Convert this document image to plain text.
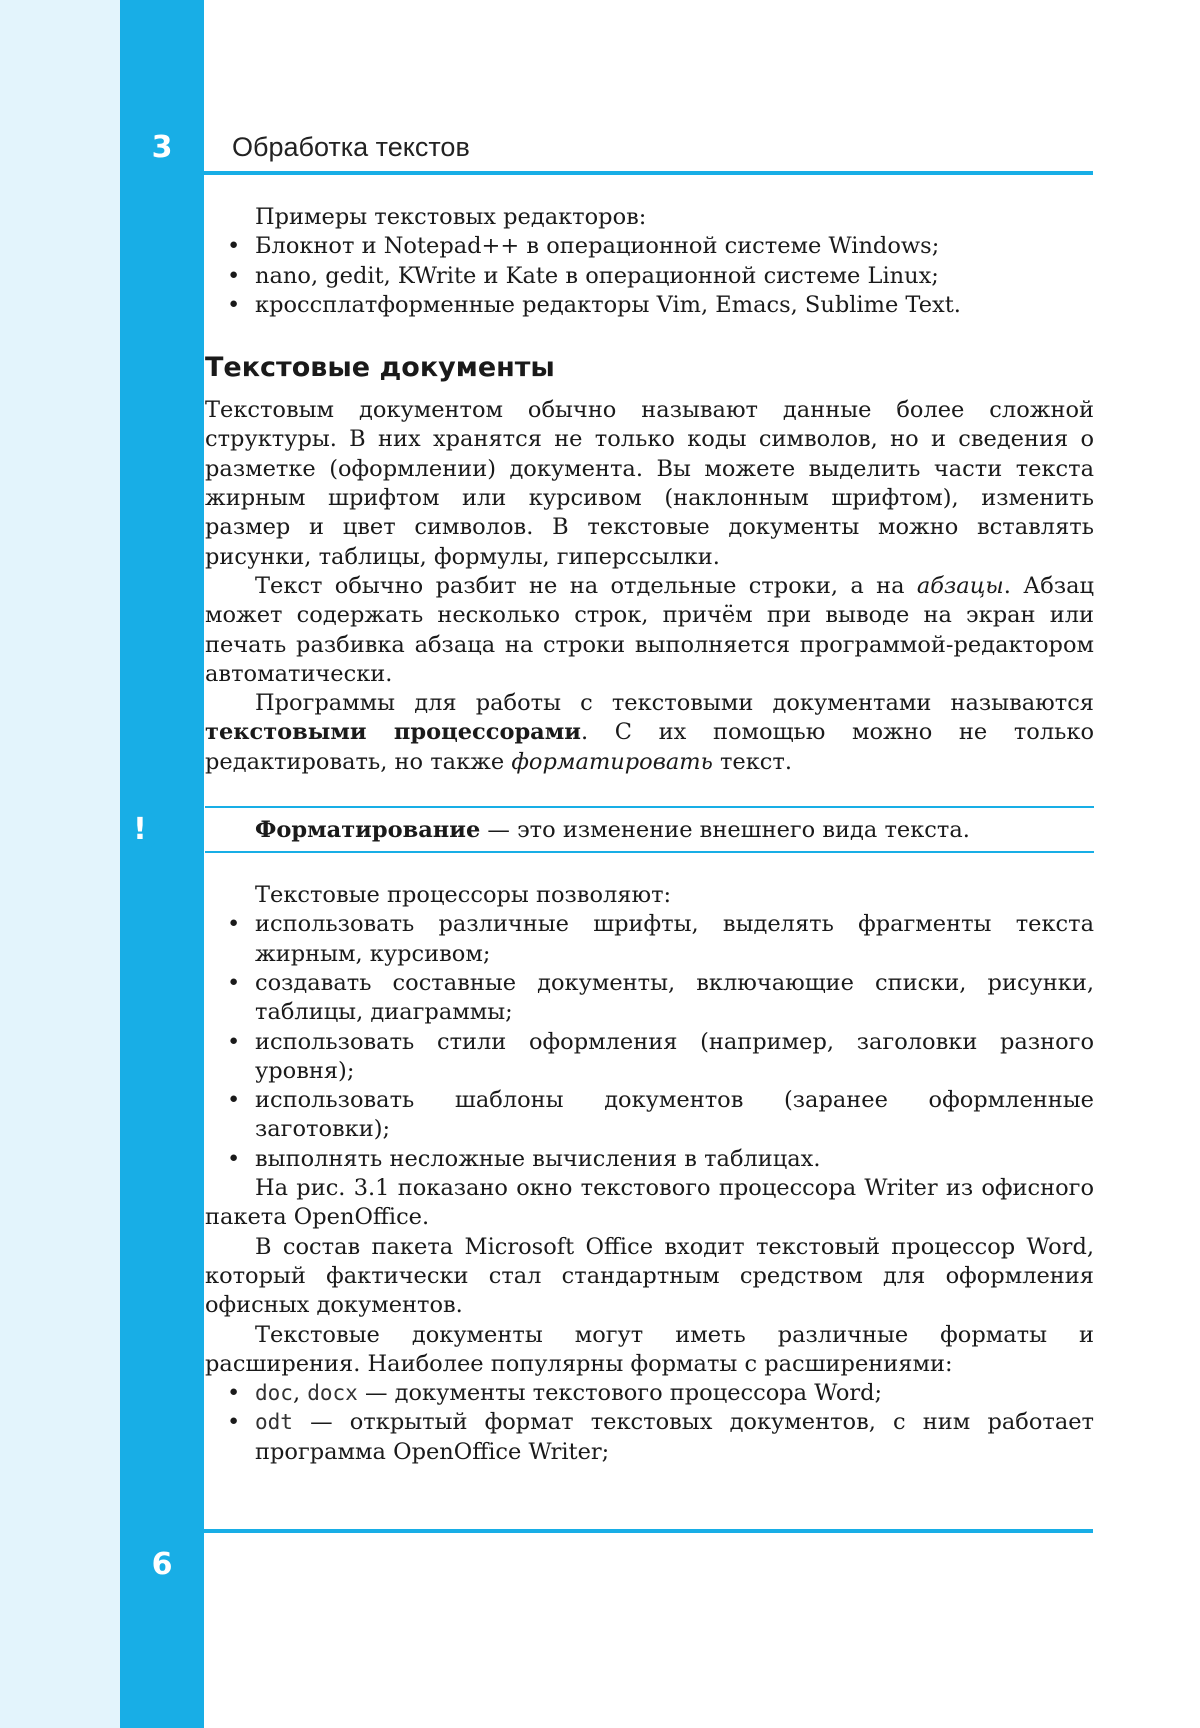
3	Обработка текстов

Примеры текстовых редакторов:

• Блокнот и Notepad++ в операционной системе Windows;
• nano, gedit, KWrite и Kate в операционной системе Linux;
• кроссплатформенные редакторы Vim, Emacs, Sublime Text.
Текстовые документы

Текстовым документом обычно называют данные более сложной структуры. В них хранятся не только коды символов, но и сведения о разметке (оформлении) документа. Вы можете выделить части текста жирным шрифтом или курсивом (наклонным шрифтом), изменить размер и цвет символов. В текстовые документы можно вставлять рисунки, таблицы, формулы, гиперссылки.

Текст обычно разбит не на отдельные строки, а на абзацы. Абзац может содержать несколько строк, причём при выводе на экран или печать разбивка абзаца на строки выполняется программой-редактором автоматически.

Программы для работы с текстовыми документами называются текстовыми процессорами. С их помощью можно не только редактировать, но также форматировать текст.

!	Форматирование — это изменение внешнего вида текста.

Текстовые процессоры позволяют:

• использовать различные шрифты, выделять фрагменты текста жирным, курсивом;
• создавать составные документы, включающие списки, рисунки, таблицы, диаграммы;
• использовать стили оформления (например, заголовки разного уровня);
• использовать шаблоны документов (заранее оформленные заготовки);
• выполнять несложные вычисления в таблицах.

На рис. 3.1 показано окно текстового процессора Writer из офисного пакета OpenOffice.

В состав пакета Microsoft Office входит текстовый процессор Word, который фактически стал стандартным средством для оформления офисных документов.

Текстовые документы могут иметь различные форматы и расширения. Наиболее популярны форматы с расширениями:

• doc, docx — документы текстового процессора Word;
• odt — открытый формат текстовых документов, с ним работает программа OpenOffice Writer;
6
